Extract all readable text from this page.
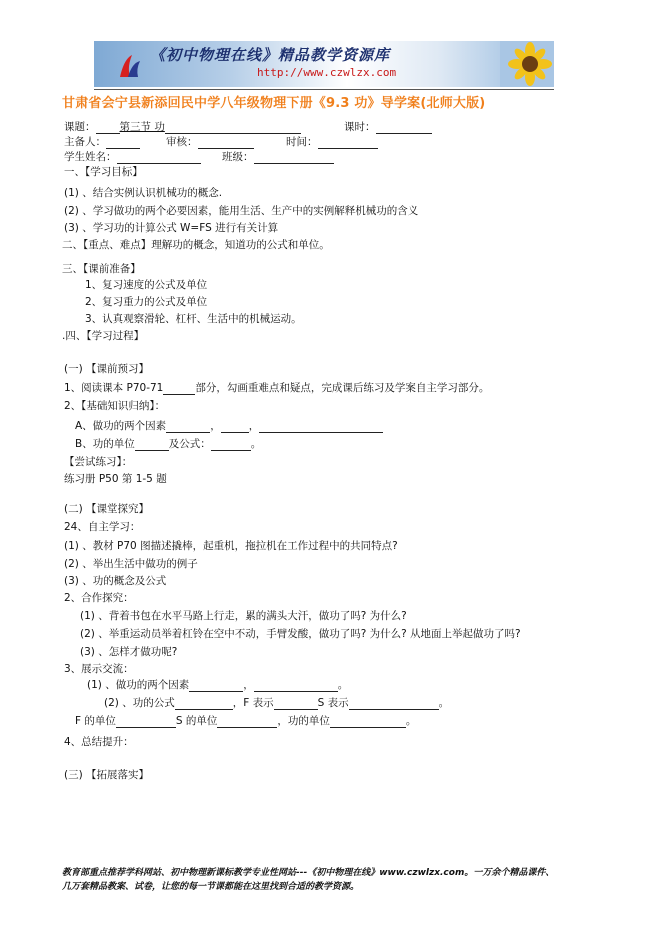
《初中物理在线》精品教学资源库
http://www.czwlzx.com
甘肃省会宁县新添回民中学八年级物理下册《9.3 功》导学案(北师大版)
课题： 第三节 功	课时：
主备人：	审核：	时间：
学生姓名：	班级：
一、【学习目标】
(1) 、结合实例认识机械功的概念.
(2) 、学习做功的两个必要因素，能用生活、生产中的实例解释机械功的含义
(3) 、学习功的计算公式 W=FS 进行有关计算
二、【重点、难点】理解功的概念，知道功的公式和单位。
三、【课前准备】
1、复习速度的公式及单位
2、复习重力的公式及单位
3、认真观察滑轮、杠杆、生活中的机械运动。
.四、【学习过程】
(一) 【课前预习】
1、阅读课本 P70-71	部分，勾画重难点和疑点，完成课后练习及学案自主学习部分。
2、【基础知识归纳】：
A、做功的两个因素	，	，
B、功的单位	及公式：	。
【尝试练习】：
练习册 P50 第 1-5 题
(二) 【课堂探究】
24、自主学习：
(1) 、教材 P70 图描述撬棒，起重机，拖拉机在工作过程中的共同特点?
(2) 、举出生活中做功的例子
(3) 、功的概念及公式
2、合作探究：
(1) 、背着书包在水平马路上行走，累的满头大汗，做功了吗? 为什么?
(2) 、举重运动员举着杠铃在空中不动，手臂发酸，做功了吗? 为什么? 从地面上举起做功了吗?
(3) 、怎样才做功呢?
3、展示交流：
(1) 、做功的两个因素	，	。
(2) 、功的公式	，F 表示	S 表示	。
F 的单位	S 的单位	，功的单位	。
4、总结提升：
(三) 【拓展落实】
教育部重点推荐学科网站、初中物理新课标教学专业性网站---《初中物理在线》www.czwlzx.com。一万余个精品课件、
几万套精品教案、试卷，让您的每一节课都能在这里找到合适的教学资源。
